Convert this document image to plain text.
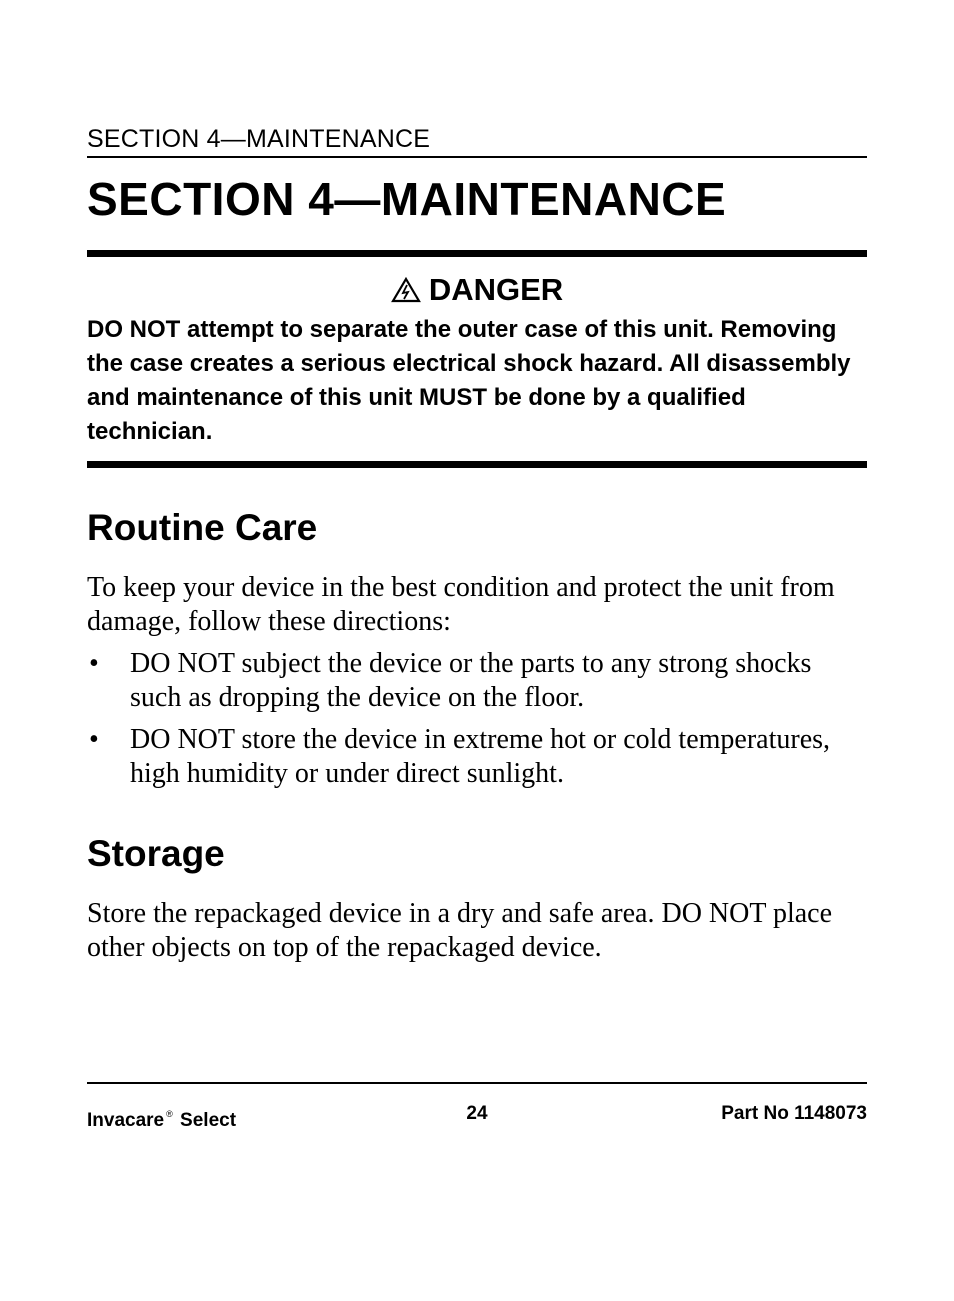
SECTION 4—MAINTENANCE
SECTION 4—MAINTENANCE
DANGER

DO NOT attempt to separate the outer case of this unit. Removing the case creates a serious electrical shock hazard. All disassembly and maintenance of this unit MUST be done by a qualified technician.

Routine Care

To keep your device in the best condition and protect the unit from damage, follow these directions:

• DO NOT subject the device or the parts to any strong shocks such as dropping the device on the floor.
• DO NOT store the device in extreme hot or cold temperatures, high humidity or under direct sunlight.
Storage

Store the repackaged device in a dry and safe area. DO NOT place other objects on top of the repackaged device.

Invacare ® Select	24	Part No 1148073
